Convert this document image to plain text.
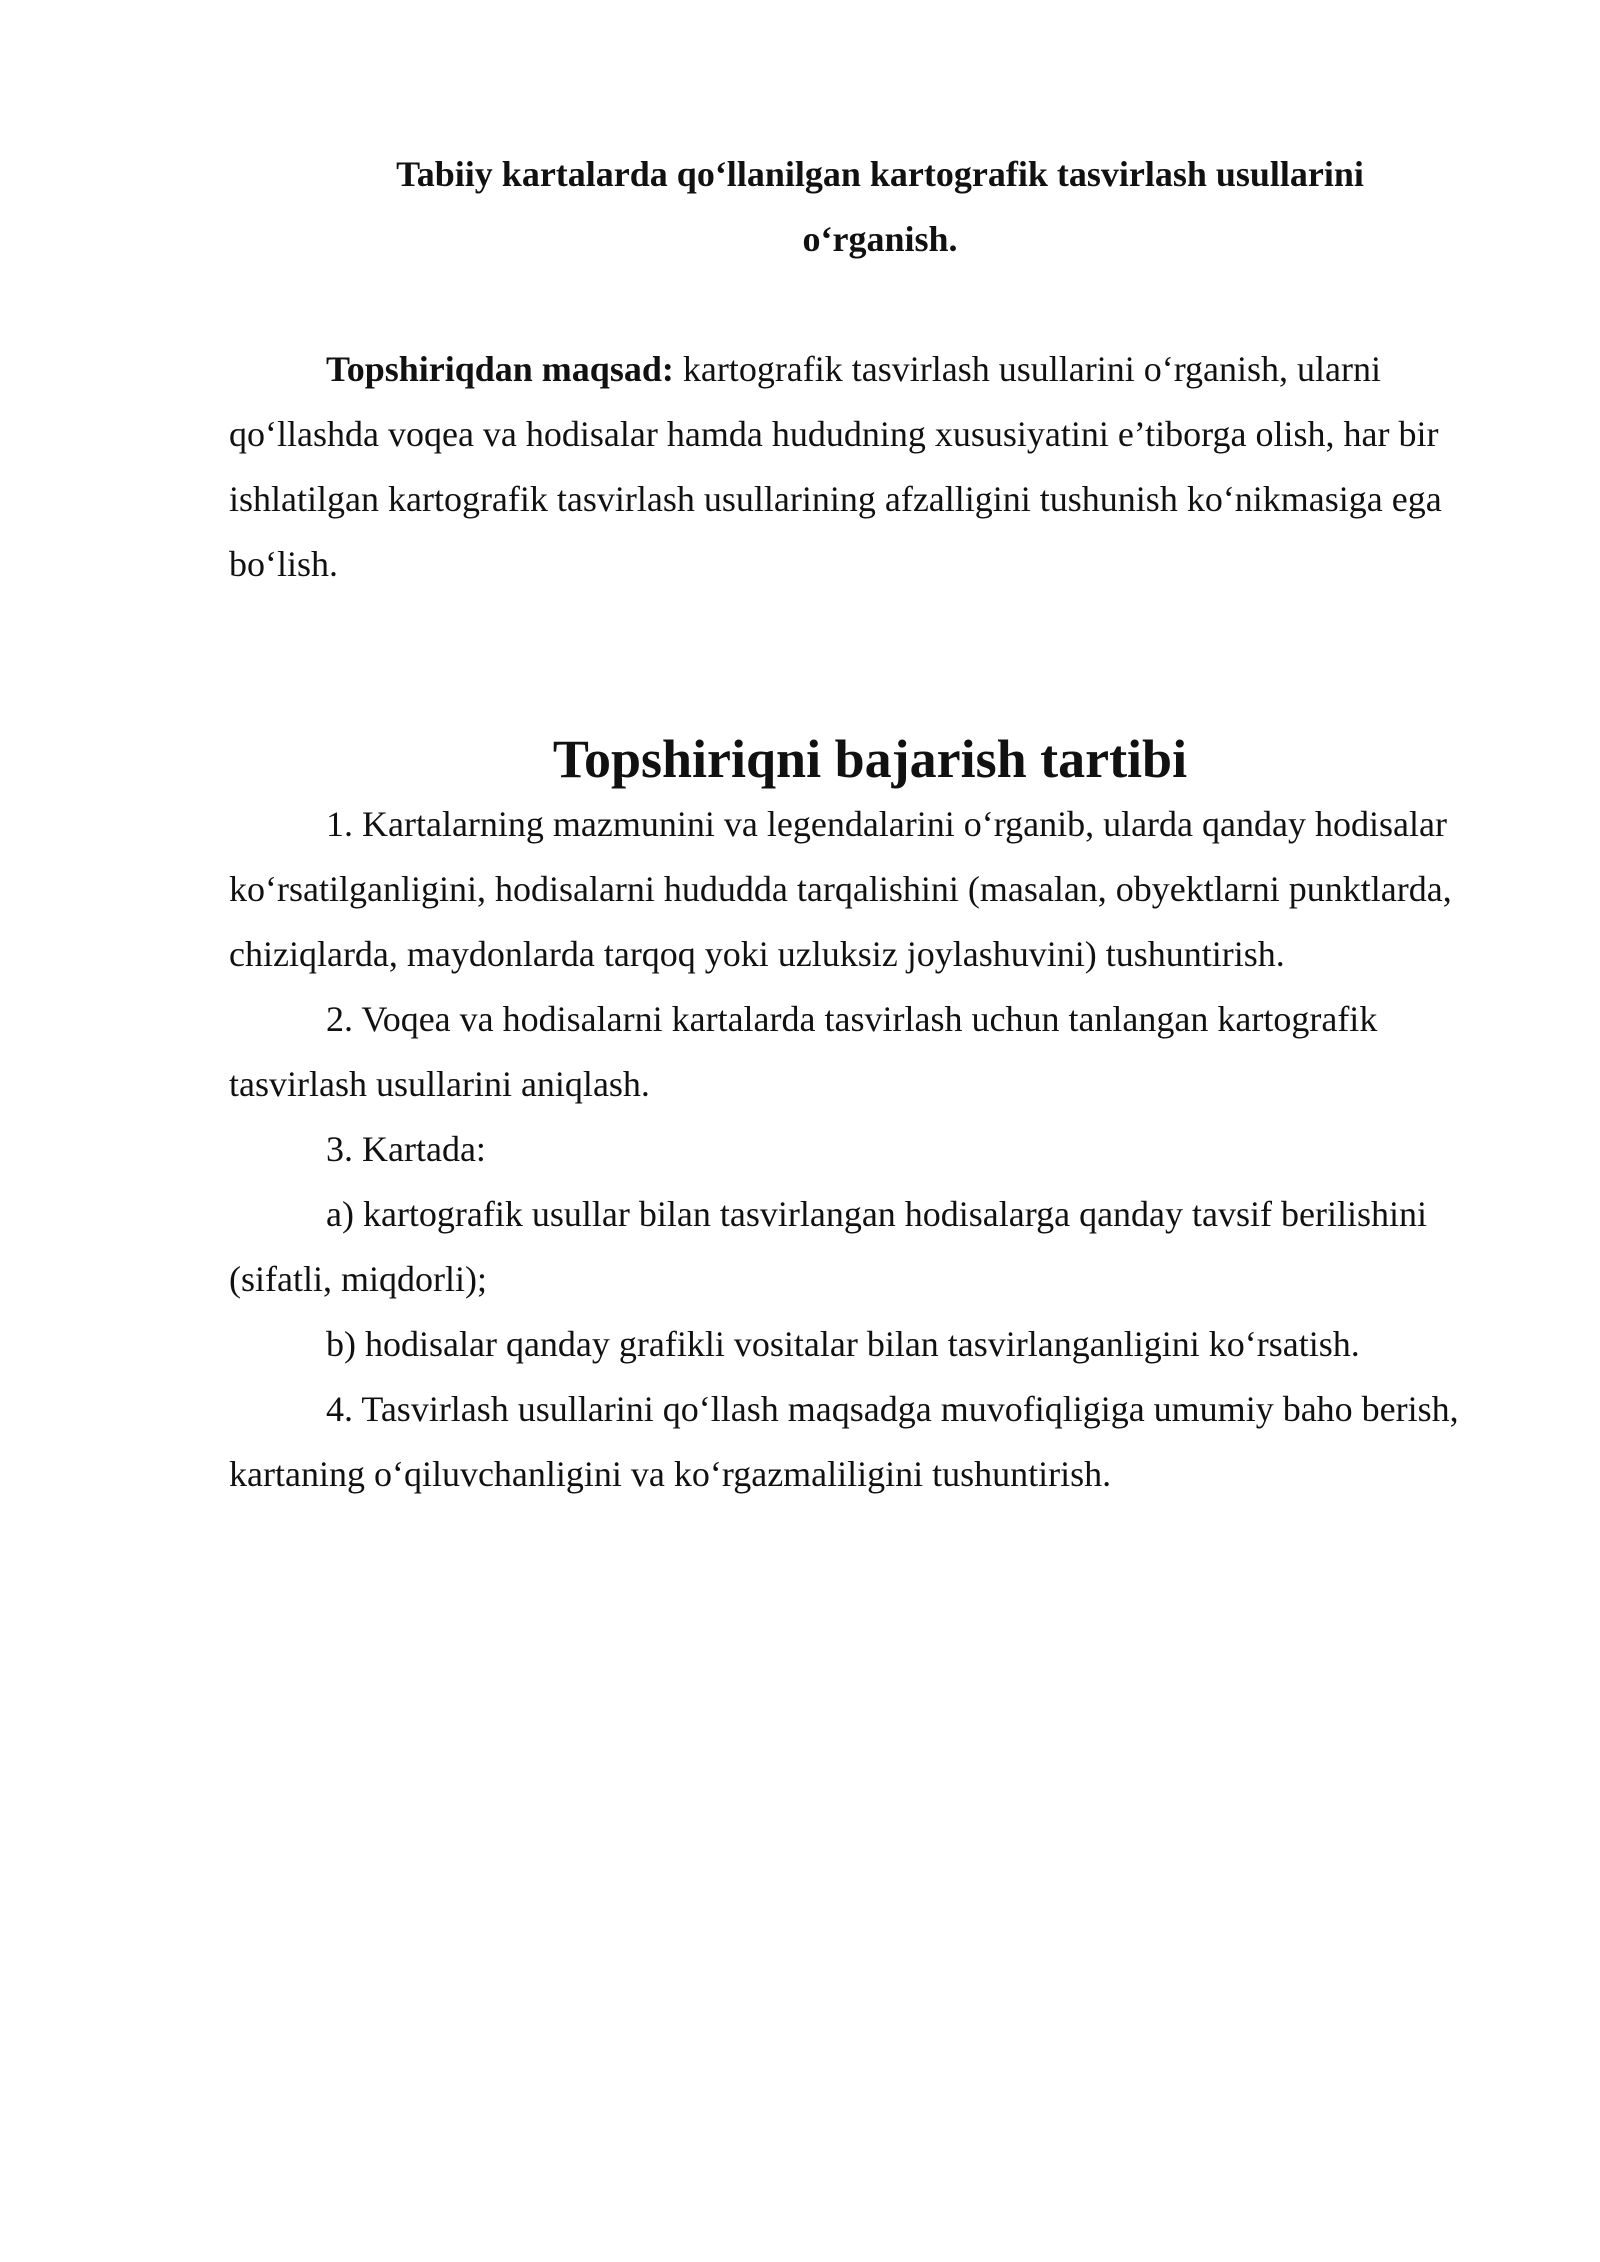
Tabiiy kartalarda qo‘llanilgan kartografik tasvirlash usullarini
o‘rganish.

Topshiriqdan maqsad: kartografik tasvirlash usullarini o‘rganish, ularni qo‘llashda voqea va hodisalar hamda hududning xususiyatini e’tiborga olish, har bir ishlatilgan kartografik tasvirlash usullarining afzalligini tushunish ko‘nikmasiga ega bo‘lish.

Topshiriqni bajarish tartibi

1. Kartalarning mazmunini va legendalarini o‘rganib, ularda qanday hodisalar ko‘rsatilganligini, hodisalarni hududda tarqalishini (masalan, obyektlarni punktlarda, chiziqlarda, maydonlarda tarqoq yoki uzluksiz joylashuvini) tushuntirish.

2. Voqea va hodisalarni kartalarda tasvirlash uchun tanlangan kartografik tasvirlash usullarini aniqlash.

3. Kartada:

a) kartografik usullar bilan tasvirlangan hodisalarga qanday tavsif berilishini (sifatli, miqdorli);

b) hodisalar qanday grafikli vositalar bilan tasvirlanganligini ko‘rsatish.

4. Tasvirlash usullarini qo‘llash maqsadga muvofiqligiga umumiy baho berish, kartaning o‘qiluvchanligini va ko‘rgazmaliligini tushuntirish.
